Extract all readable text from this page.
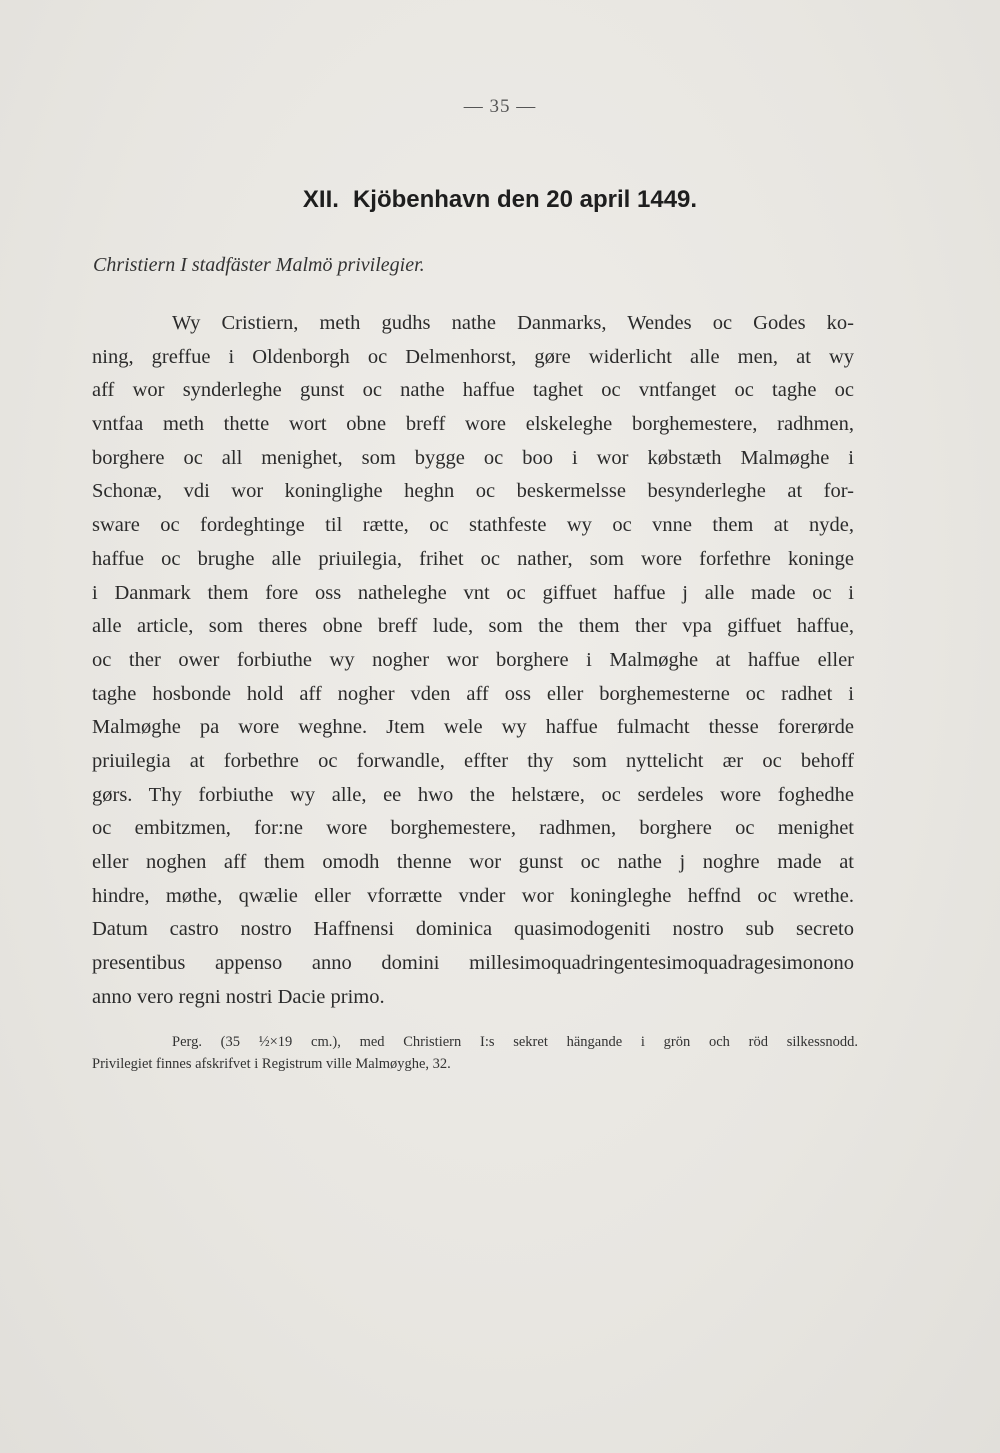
— 35 —
XII. Kjöbenhavn den 20 april 1449.
Christiern I stadfäster Malmö privilegier.
Wy Cristiern, meth gudhs nathe Danmarks, Wendes oc Godes ko-
ning, greffue i Oldenborgh oc Delmenhorst, gøre widerlicht alle men, at wy
aff wor synderleghe gunst oc nathe haffue taghet oc vntfanget oc taghe oc
vntfaa meth thette wort obne breff wore elskeleghe borghemestere, radhmen,
borghere oc all menighet, som bygge oc boo i wor købstæth Malmøghe i
Schonæ, vdi wor koninglighe heghn oc beskermelsse besynderleghe at for-
sware oc fordeghtinge til rætte, oc stathfeste wy oc vnne them at nyde,
haffue oc brughe alle priuilegia, frihet oc nather, som wore forfethre koninge
i Danmark them fore oss natheleghe vnt oc giffuet haffue j alle made oc i
alle article, som theres obne breff lude, som the them ther vpa giffuet haffue,
oc ther ower forbiuthe wy nogher wor borghere i Malmøghe at haffue eller
taghe hosbonde hold aff nogher vden aff oss eller borghemesterne oc radhet i
Malmøghe pa wore weghne. Jtem wele wy haffue fulmacht thesse forerørde
priuilegia at forbethre oc forwandle, effter thy som nyttelicht ær oc behoff
gørs. Thy forbiuthe wy alle, ee hwo the helstære, oc serdeles wore foghedhe
oc embitzmen, for:ne wore borghemestere, radhmen, borghere oc menighet
eller noghen aff them omodh thenne wor gunst oc nathe j noghre made at
hindre, møthe, qwælie eller vforrætte vnder wor koningleghe heffnd oc wrethe.
Datum castro nostro Haffnensi dominica quasimodogeniti nostro sub secreto
presentibus appenso anno domini millesimoquadringentesimoquadragesimonono
anno vero regni nostri Dacie primo.
Perg. (35 ½×19 cm.), med Christiern I:s sekret hängande i grön och röd silkessnodd.
Privilegiet finnes afskrifvet i Registrum ville Malmøyghe, 32.
